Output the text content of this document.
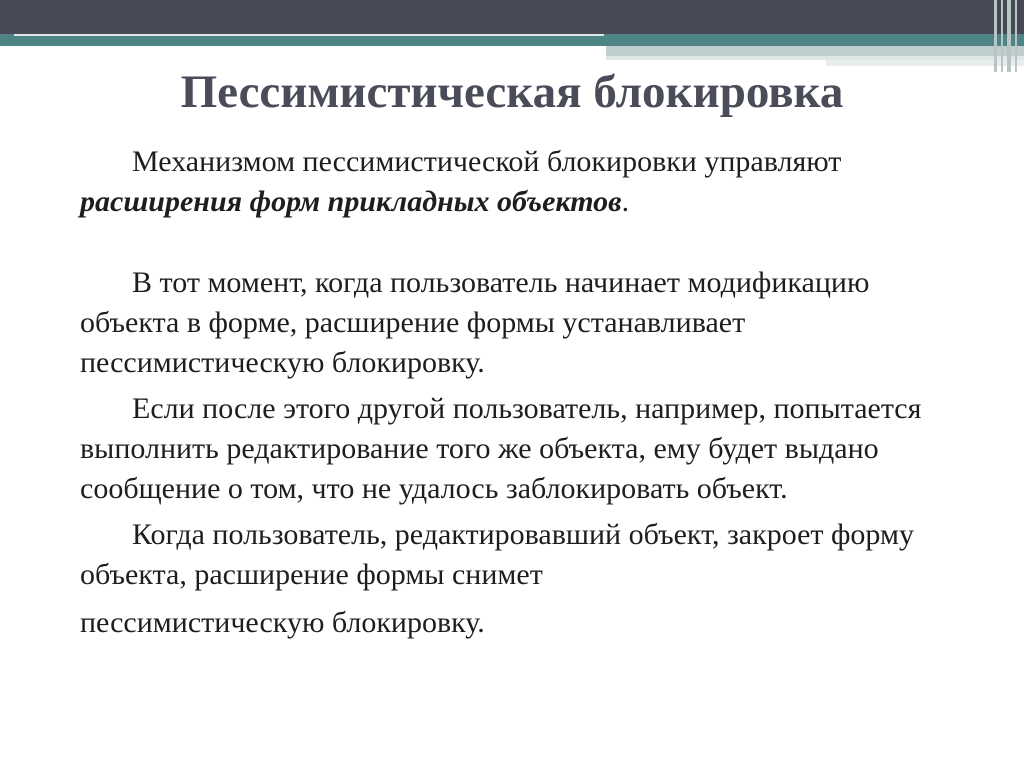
Пессимистическая блокировка

Механизмом пессимистической блокировки управляют расширения форм прикладных объектов.

В тот момент, когда пользователь начинает модификацию объекта в форме, расширение формы устанавливает пессимистическую блокировку.

Если после этого другой пользователь, например, попытается выполнить редактирование того же объекта, ему будет выдано сообщение о том, что не удалось заблокировать объект.

Когда пользователь, редактировавший объект, закроет форму объекта, расширение формы снимет
пессимистическую блокировку.
